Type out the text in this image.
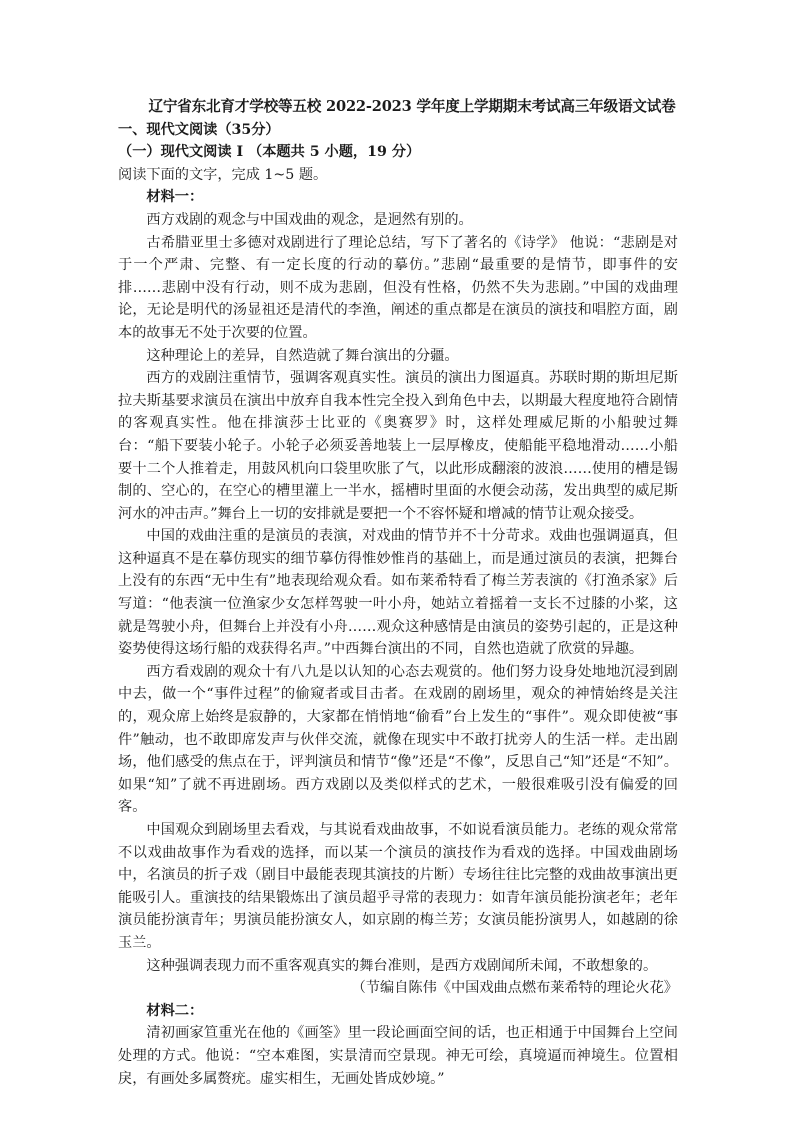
辽宁省东北育才学校等五校 2022-2023 学年度上学期期末考试高三年级语文试卷
一、现代文阅读（35分）
（一）现代文阅读 I （本题共 5 小题，19 分）
阅读下面的文字，完成 1~5 题。
材料一：

西方戏剧的观念与中国戏曲的观念，是迥然有别的。

古希腊亚里士多德对戏剧进行了理论总结，写下了著名的《诗学》 他说：“悲剧是对于一个严肃、完整、有一定长度的行动的摹仿。”悲剧“最重要的是情节，即事件的安排……悲剧中没有行动，则不成为悲剧，但没有性格，仍然不失为悲剧。”中国的戏曲理论，无论是明代的汤显祖还是清代的李渔，阐述的重点都是在演员的演技和唱腔方面，剧本的故事无不处于次要的位置。

这种理论上的差异，自然造就了舞台演出的分疆。

西方的戏剧注重情节，强调客观真实性。演员的演出力图逼真。苏联时期的斯坦尼斯拉夫斯基要求演员在演出中放弃自我本性完全投入到角色中去，以期最大程度地符合剧情的客观真实性。他在排演莎士比亚的《奥赛罗》时，这样处理威尼斯的小船驶过舞台：“船下要装小轮子。小轮子必须妥善地装上一层厚橡皮，使船能平稳地滑动……小船要十二个人推着走，用鼓风机向口袋里吹胀了气，以此形成翻滚的波浪……使用的槽是锡制的、空心的，在空心的槽里灌上一半水，摇槽时里面的水便会动荡，发出典型的威尼斯河水的冲击声。”舞台上一切的安排就是要把一个不容怀疑和增减的情节让观众接受。

中国的戏曲注重的是演员的表演，对戏曲的情节并不十分苛求。戏曲也强调逼真，但这种逼真不是在摹仿现实的细节摹仿得惟妙惟肖的基础上，而是通过演员的表演，把舞台上没有的东西“无中生有”地表现给观众看。如布莱希特看了梅兰芳表演的《打渔杀家》后写道：“他表演一位渔家少女怎样驾驶一叶小舟，她站立着摇着一支长不过膝的小桨，这就是驾驶小舟，但舞台上并没有小舟……观众这种感情是由演员的姿势引起的，正是这种姿势使得这场行船的戏获得名声。”中西舞台演出的不同，自然也造就了欣赏的异趣。

西方看戏剧的观众十有八九是以认知的心态去观赏的。他们努力设身处地地沉浸到剧中去，做一个“事件过程”的偷窥者或目击者。在戏剧的剧场里，观众的神情始终是关注的，观众席上始终是寂静的，大家都在悄悄地“偷看”台上发生的“事件”。观众即使被“事件”触动，也不敢即席发声与伙伴交流，就像在现实中不敢打扰旁人的生活一样。走出剧场，他们感受的焦点在于，评判演员和情节“像”还是“不像”，反思自己“知”还是“不知”。如果“知”了就不再进剧场。西方戏剧以及类似样式的艺术，一般很难吸引没有偏爱的回客。

中国观众到剧场里去看戏，与其说看戏曲故事，不如说看演员能力。老练的观众常常不以戏曲故事作为看戏的选择，而以某一个演员的演技作为看戏的选择。中国戏曲剧场中，名演员的折子戏（剧目中最能表现其演技的片断）专场往往比完整的戏曲故事演出更能吸引人。重演技的结果锻炼出了演员超乎寻常的表现力：如青年演员能扮演老年；老年演员能扮演青年；男演员能扮演女人，如京剧的梅兰芳；女演员能扮演男人，如越剧的徐玉兰。

这种强调表现力而不重客观真实的舞台准则，是西方戏剧闻所未闻，不敢想象的。

（节编自陈伟《中国戏曲点燃布莱希特的理论火花》
材料二：

清初画家笪重光在他的《画筌》里一段论画面空间的话，也正相通于中国舞台上空间处理的方式。他说：“空本难图，实景清而空景现。神无可绘，真境逼而神境生。位置相戾，有画处多属赘疣。虚实相生，无画处皆成妙境。”
